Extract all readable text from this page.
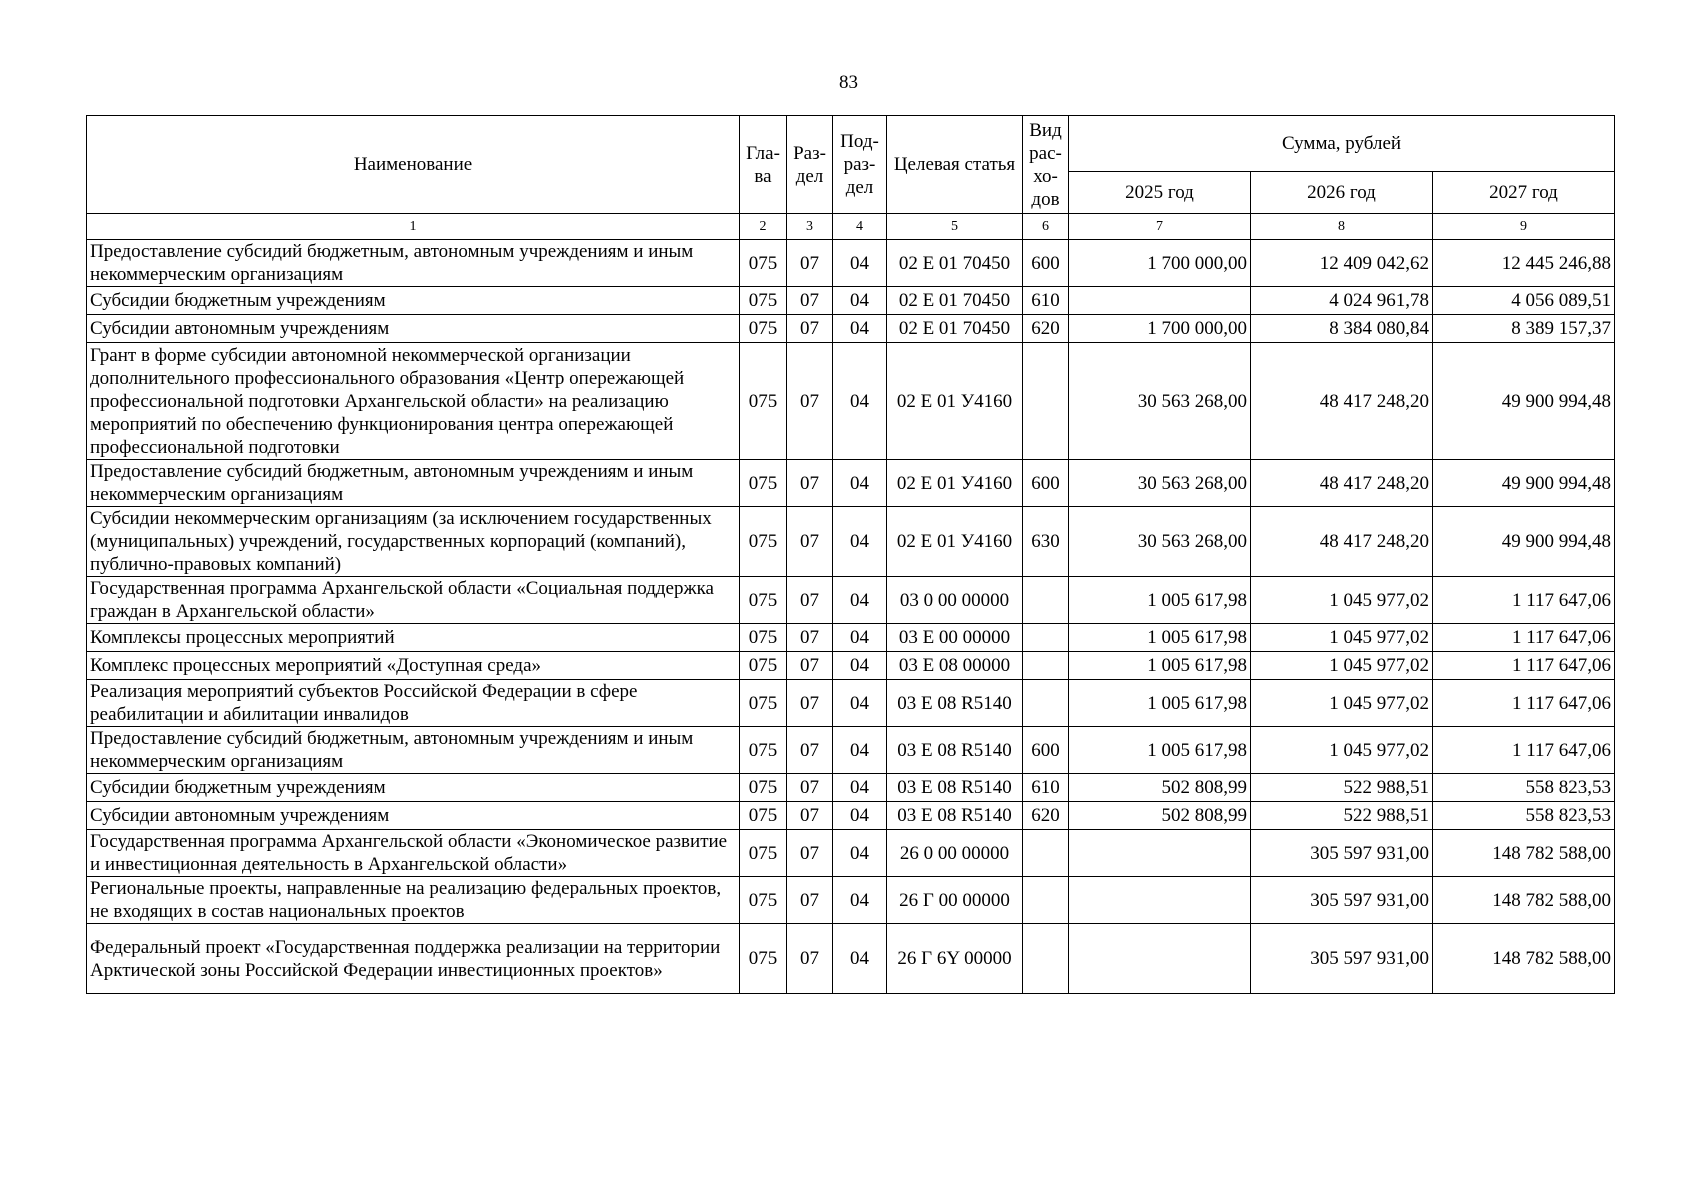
83
Наименование	Гла-ва	Раз-дел	Под-раз-дел	Целевая статья	Вид рас-хо-дов	Сумма, рублей		
						2025 год	2026 год	2027 год
1	2	3	4	5	6	7	8	9
Предоставление субсидий бюджетным, автономным учреждениям и иным некоммерческим организациям	075	07	04	02 Е 01 70450	600	1 700 000,00	12 409 042,62	12 445 246,88
Субсидии бюджетным учреждениям	075	07	04	02 Е 01 70450	610		4 024 961,78	4 056 089,51
Субсидии автономным учреждениям	075	07	04	02 Е 01 70450	620	1 700 000,00	8 384 080,84	8 389 157,37
Грант в форме субсидии автономной некоммерческой организации дополнительного профессионального образования «Центр опережающей профессиональной подготовки Архангельской области» на реализацию мероприятий по обеспечению функционирования центра опережающей профессиональной подготовки	075	07	04	02 Е 01 У4160		30 563 268,00	48 417 248,20	49 900 994,48
Предоставление субсидий бюджетным, автономным учреждениям и иным некоммерческим организациям	075	07	04	02 Е 01 У4160	600	30 563 268,00	48 417 248,20	49 900 994,48
Субсидии некоммерческим организациям (за исключением государственных (муниципальных) учреждений, государственных корпораций (компаний), публично-правовых компаний)	075	07	04	02 Е 01 У4160	630	30 563 268,00	48 417 248,20	49 900 994,48
Государственная программа Архангельской области «Социальная поддержка граждан в Архангельской области»	075	07	04	03 0 00 00000		1 005 617,98	1 045 977,02	1 117 647,06
Комплексы процессных мероприятий	075	07	04	03 Е 00 00000		1 005 617,98	1 045 977,02	1 117 647,06
Комплекс процессных мероприятий «Доступная среда»	075	07	04	03 Е 08 00000		1 005 617,98	1 045 977,02	1 117 647,06
Реализация мероприятий субъектов Российской Федерации в сфере реабилитации и абилитации инвалидов	075	07	04	03 Е 08 R5140		1 005 617,98	1 045 977,02	1 117 647,06
Предоставление субсидий бюджетным, автономным учреждениям и иным некоммерческим организациям	075	07	04	03 Е 08 R5140	600	1 005 617,98	1 045 977,02	1 117 647,06
Субсидии бюджетным учреждениям	075	07	04	03 Е 08 R5140	610	502 808,99	522 988,51	558 823,53
Субсидии автономным учреждениям	075	07	04	03 Е 08 R5140	620	502 808,99	522 988,51	558 823,53
Государственная программа Архангельской области «Экономическое развитие и инвестиционная деятельность в Архангельской области»	075	07	04	26 0 00 00000			305 597 931,00	148 782 588,00
Региональные проекты, направленные на реализацию федеральных проектов, не входящих в состав национальных проектов	075	07	04	26 Г 00 00000			305 597 931,00	148 782 588,00
Федеральный проект «Государственная поддержка реализации на территории Арктической зоны Российской Федерации инвестиционных проектов»	075	07	04	26 Г 6Y 00000			305 597 931,00	148 782 588,00
